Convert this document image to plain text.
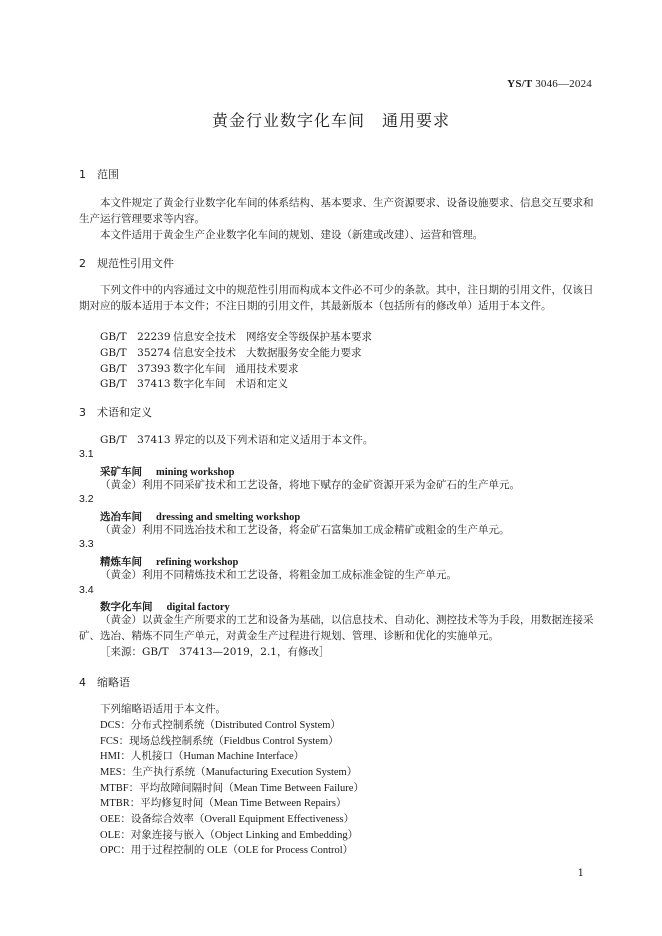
YS/T 3046—2024
黄金行业数字化车间　通用要求
1 范围
本文件规定了黄金行业数字化车间的体系结构、基本要求、生产资源要求、设备设施要求、信息交互要求和生产运行管理要求等内容。
本文件适用于黄金生产企业数字化车间的规划、建设（新建或改建）、运营和管理。
2 规范性引用文件
下列文件中的内容通过文中的规范性引用而构成本文件必不可少的条款。其中，注日期的引用文件，仅该日期对应的版本适用于本文件；不注日期的引用文件，其最新版本（包括所有的修改单）适用于本文件。
GB/T　22239 信息安全技术 网络安全等级保护基本要求
GB/T　35274 信息安全技术 大数据服务安全能力要求
GB/T　37393 数字化车间 通用技术要求
GB/T　37413 数字化车间 术语和定义
3 术语和定义
GB/T　37413 界定的以及下列术语和定义适用于本文件。
3.1
采矿车间 mining workshop
（黄金）利用不同采矿技术和工艺设备，将地下赋存的金矿资源开采为金矿石的生产单元。
3.2
选冶车间 dressing and smelting workshop
（黄金）利用不同选冶技术和工艺设备，将金矿石富集加工成金精矿或粗金的生产单元。
3.3
精炼车间 refining workshop
（黄金）利用不同精炼技术和工艺设备，将粗金加工成标准金锭的生产单元。
3.4
数字化车间 digital factory
（黄金）以黄金生产所要求的工艺和设备为基础，以信息技术、自动化、测控技术等为手段，用数据连接采矿、选冶、精炼不同生产单元，对黄金生产过程进行规划、管理、诊断和优化的实施单元。
［来源：GB/T　37413—2019，2.1，有修改］
4 缩略语
下列缩略语适用于本文件。
DCS：分布式控制系统（Distributed Control System）
FCS：现场总线控制系统（Fieldbus Control System）
HMI：人机接口（Human Machine Interface）
MES：生产执行系统（Manufacturing Execution System）
MTBF：平均故障间隔时间（Mean Time Between Failure）
MTBR：平均修复时间（Mean Time Between Repairs）
OEE：设备综合效率（Overall Equipment Effectiveness）
OLE：对象连接与嵌入（Object Linking and Embedding）
OPC：用于过程控制的 OLE（OLE for Process Control）
1
